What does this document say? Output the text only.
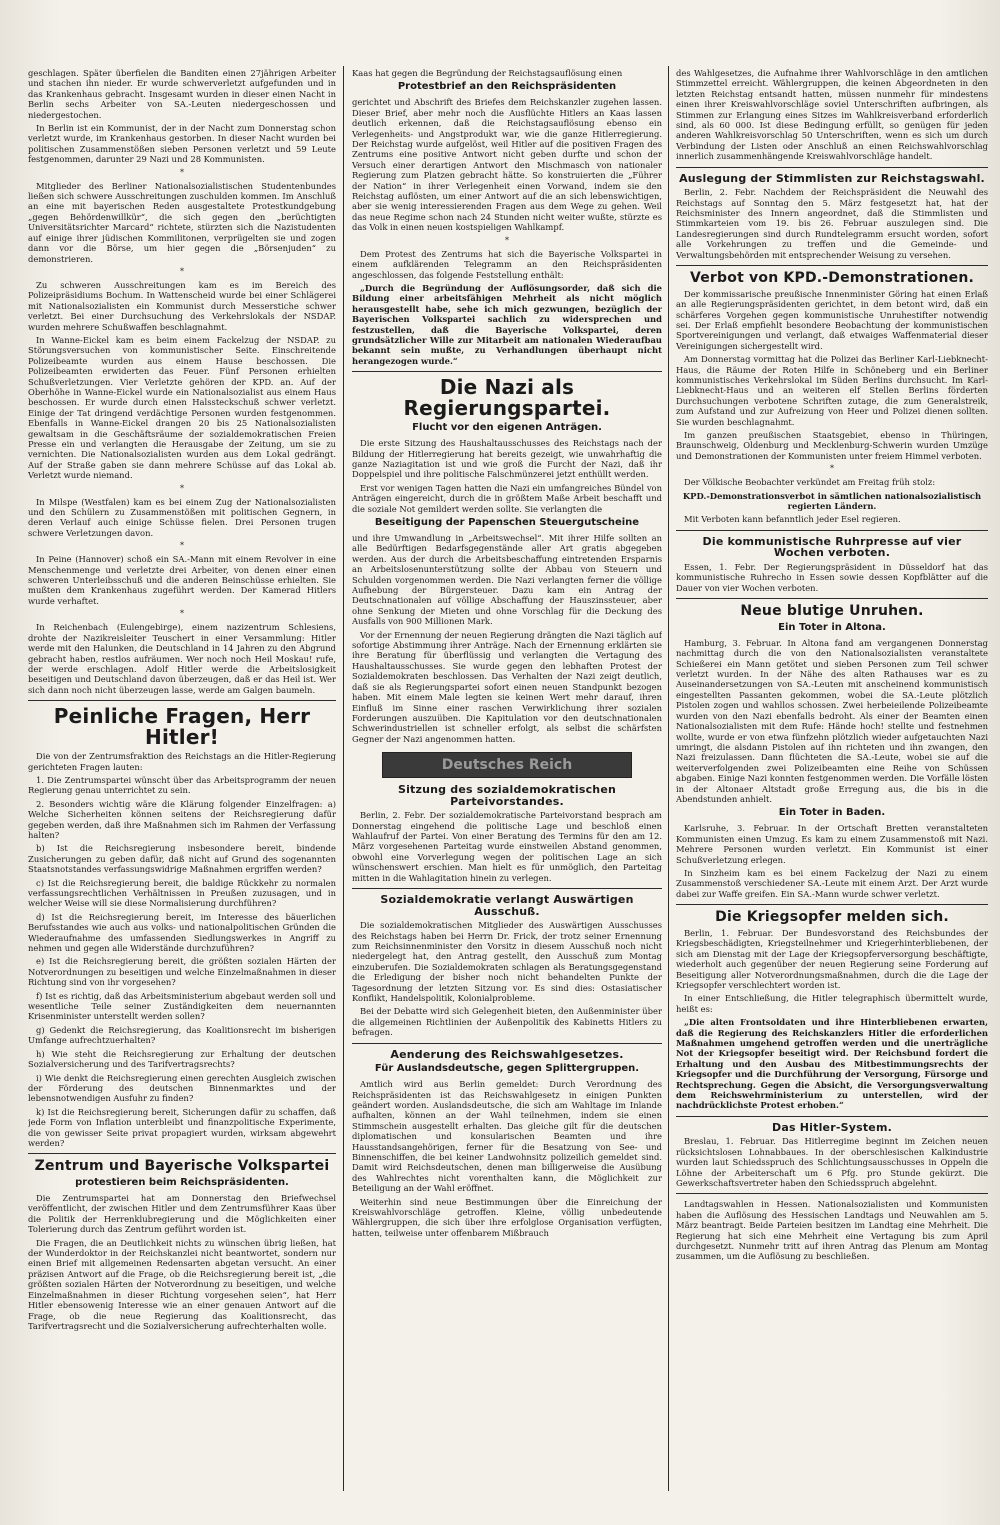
geschlagen. Später überfielen die Banditen einen 27jährigen Arbeiter und stachen ihn nieder. Er wurde schwerverletzt aufgefunden und in das Krankenhaus gebracht. Insgesamt wurden in dieser einen Nacht in Berlin sechs Arbeiter von SA.-Leuten niedergeschossen und niedergestochen.

In Berlin ist ein Kommunist, der in der Nacht zum Donnerstag schon verletzt wurde, im Krankenhaus gestorben. In dieser Nacht wurden bei politischen Zusammenstößen sieben Personen verletzt und 59 Leute festgenommen, darunter 29 Nazi und 28 Kommunisten.

*

Mitglieder des Berliner Nationalsozialistischen Studentenbundes ließen sich schwere Ausschreitungen zuschulden kommen. Im Anschluß an eine mit bayerischen Reden ausgestaltete Protestkundgebung „gegen Behördenwillkür“, die sich gegen den „berüchtigten Universitätsrichter Marcard“ richtete, stürzten sich die Nazistudenten auf einige ihrer jüdischen Kommilitonen, verprügelten sie und zogen dann vor die Börse, um hier gegen die „Börsenjuden“ zu demonstrieren.

*

Zu schweren Ausschreitungen kam es im Bereich des Polizeipräsidiums Bochum. In Wattenscheid wurde bei einer Schlägerei mit Nationalsozialisten ein Kommunist durch Messerstiche schwer verletzt. Bei einer Durchsuchung des Verkehrslokals der NSDAP. wurden mehrere Schußwaffen beschlagnahmt.

In Wanne-Eickel kam es beim einem Fackelzug der NSDAP. zu Störungsversuchen von kommunistischer Seite. Einschreitende Polizeibeamte wurden aus einem Hause beschossen. Die Polizeibeamten erwiderten das Feuer. Fünf Personen erhielten Schußverletzungen. Vier Verletzte gehören der KPD. an. Auf der Oberhöhe in Wanne-Eickel wurde ein Nationalsozialist aus einem Haus beschossen. Er wurde durch einen Halssteckschuß schwer verletzt. Einige der Tat dringend verdächtige Personen wurden festgenommen. Ebenfalls in Wanne-Eickel drangen 20 bis 25 Nationalsozialisten gewaltsam in die Geschäftsräume der sozialdemokratischen Freien Presse ein und verlangten die Herausgabe der Zeitung, um sie zu vernichten. Die Nationalsozialisten wurden aus dem Lokal gedrängt. Auf der Straße gaben sie dann mehrere Schüsse auf das Lokal ab. Verletzt wurde niemand.

*

In Milspe (Westfalen) kam es bei einem Zug der Nationalsozialisten und den Schülern zu Zusammenstößen mit politischen Gegnern, in deren Verlauf auch einige Schüsse fielen. Drei Personen trugen schwere Verletzungen davon.

*

In Peine (Hannover) schoß ein SA.-Mann mit einem Revolver in eine Menschenmenge und verletzte drei Arbeiter, von denen einer einen schweren Unterleibsschuß und die anderen Beinschüsse erhielten. Sie mußten dem Krankenhaus zugeführt werden. Der Kamerad Hitlers wurde verhaftet.

*

In Reichenbach (Eulengebirge), einem nazizentrum Schlesiens, drohte der Nazikreisleiter Teuschert in einer Versammlung: Hitler werde mit den Halunken, die Deutschland in 14 Jahren zu den Abgrund gebracht haben, restlos aufräumen. Wer noch noch Heil Moskau! rufe, der werde erschlagen. Adolf Hitler werde die Arbeitslosigkeit beseitigen und Deutschland davon überzeugen, daß er das Heil ist. Wer sich dann noch nicht überzeugen lasse, werde am Galgen baumeln.

Peinliche Fragen, Herr Hitler!

Die von der Zentrumsfraktion des Reichstags an die Hitler-Regierung gerichteten Fragen lauten:

1. Die Zentrumspartei wünscht über das Arbeitsprogramm der neuen Regierung genau unterrichtet zu sein.

2. Besonders wichtig wäre die Klärung folgender Einzelfragen: a) Welche Sicherheiten können seitens der Reichsregierung dafür gegeben werden, daß ihre Maßnahmen sich im Rahmen der Verfassung halten?

b) Ist die Reichsregierung insbesondere bereit, bindende Zusicherungen zu geben dafür, daß nicht auf Grund des sogenannten Staatsnotstandes verfassungswidrige Maßnahmen ergriffen werden?

c) Ist die Reichsregierung bereit, die baldige Rückkehr zu normalen verfassungsrechtlichen Verhältnissen in Preußen zuzusagen, und in welcher Weise will sie diese Normalisierung durchführen?

d) Ist die Reichsregierung bereit, im Interesse des bäuerlichen Berufsstandes wie auch aus volks- und nationalpolitischen Gründen die Wiederaufnahme des umfassenden Siedlungswerkes in Angriff zu nehmen und gegen alle Widerstände durchzuführen?

e) Ist die Reichsregierung bereit, die größten sozialen Härten der Notverordnungen zu beseitigen und welche Einzelmaßnahmen in dieser Richtung sind von ihr vorgesehen?

f) Ist es richtig, daß das Arbeitsministerium abgebaut werden soll und wesentliche Teile seiner Zuständigkeiten dem neuernannten Krisenminister unterstellt werden sollen?

g) Gedenkt die Reichsregierung, das Koalitionsrecht im bisherigen Umfange aufrechtzuerhalten?

h) Wie steht die Reichsregierung zur Erhaltung der deutschen Sozialversicherung und des Tarifvertragsrechts?

i) Wie denkt die Reichsregierung einen gerechten Ausgleich zwischen der Förderung des deutschen Binnenmarktes und der lebensnotwendigen Ausfuhr zu finden?

k) Ist die Reichsregierung bereit, Sicherungen dafür zu schaffen, daß jede Form von Inflation unterbleibt und finanzpolitische Experimente, die von gewisser Seite privat propagiert wurden, wirksam abgewehrt werden?

Zentrum und Bayerische Volkspartei
protestieren beim Reichspräsidenten.

Die Zentrumspartei hat am Donnerstag den Briefwechsel veröffentlicht, der zwischen Hitler und dem Zentrumsführer Kaas über die Politik der Herrenklubregierung und die Möglichkeiten einer Tolerierung durch das Zentrum geführt worden ist.

Die Fragen, die an Deutlichkeit nichts zu wünschen übrig ließen, hat der Wunderdoktor in der Reichskanzlei nicht beantwortet, sondern nur einen Brief mit allgemeinen Redensarten abgetan versucht. An einer präzisen Antwort auf die Frage, ob die Reichsregierung bereit ist, „die größten sozialen Härten der Notverordnung zu beseitigen, und welche Einzelmaßnahmen in dieser Richtung vorgesehen seien“, hat Herr Hitler ebensowenig Interesse wie an einer genauen Antwort auf die Frage, ob die neue Regierung das Koalitionsrecht, das Tarifvertragsrecht und die Sozialversicherung aufrechterhalten wolle.

Kaas hat gegen die Begründung der Reichstagsauflösung einen

Protestbrief an den Reichspräsidenten

gerichtet und Abschrift des Briefes dem Reichskanzler zugehen lassen. Dieser Brief, aber mehr noch die Ausflüchte Hitlers an Kaas lassen deutlich erkennen, daß die Reichstagsauflösung ebenso ein Verlegenheits- und Angstprodukt war, wie die ganze Hitlerregierung. Der Reichstag wurde aufgelöst, weil Hitler auf die positiven Fragen des Zentrums eine positive Antwort nicht geben durfte und schon der Versuch einer derartigen Antwort den Mischmasch von nationaler Regierung zum Platzen gebracht hätte. So konstruierten die „Führer der Nation“ in ihrer Verlegenheit einen Vorwand, indem sie den Reichstag auflösten, um einer Antwort auf die an sich lebenswichtigen, aber sie wenig interessierenden Fragen aus dem Wege zu gehen. Weil das neue Regime schon nach 24 Stunden nicht weiter wußte, stürzte es das Volk in einen neuen kostspieligen Wahlkampf.

*

Dem Protest des Zentrums hat sich die Bayerische Volkspartei in einem aufklärenden Telegramm an den Reichspräsidenten angeschlossen, das folgende Feststellung enthält:

„Durch die Begründung der Auflösungsorder, daß sich die Bildung einer arbeitsfähigen Mehrheit als nicht möglich herausgestellt habe, sehe ich mich gezwungen, bezüglich der Bayerischen Volkspartei sachlich zu widersprechen und festzustellen, daß die Bayerische Volkspartei, deren grundsätzlicher Wille zur Mitarbeit am nationalen Wiederaufbau bekannt sein mußte, zu Verhandlungen überhaupt nicht herangezogen wurde.“

Die Nazi als Regierungspartei.
Flucht vor den eigenen Anträgen.

Die erste Sitzung des Haushaltausschusses des Reichstags nach der Bildung der Hitlerregierung hat bereits gezeigt, wie unwahrhaftig die ganze Naziagitation ist und wie groß die Furcht der Nazi, daß ihr Doppelspiel und ihre politische Falschmünzerei jetzt enthüllt werden.

Erst vor wenigen Tagen hatten die Nazi ein umfangreiches Bündel von Anträgen eingereicht, durch die in größtem Maße Arbeit beschafft und die soziale Not gemildert werden sollte. Sie verlangten die

Beseitigung der Papenschen Steuergutscheine

und ihre Umwandlung in „Arbeitswechsel“. Mit ihrer Hilfe sollten an alle Bedürftigen Bedarfsgegenstände aller Art gratis abgegeben werden. Aus der durch die Arbeitsbeschaffung eintretenden Ersparnis an Arbeitslosenunterstützung sollte der Abbau von Steuern und Schulden vorgenommen werden. Die Nazi verlangten ferner die völlige Aufhebung der Bürgersteuer. Dazu kam ein Antrag der Deutschnationalen auf völlige Abschaffung der Hauszinssteuer, aber ohne Senkung der Mieten und ohne Vorschlag für die Deckung des Ausfalls von 900 Millionen Mark.

Vor der Ernennung der neuen Regierung drängten die Nazi täglich auf sofortige Abstimmung ihrer Anträge. Nach der Ernennung erklärten sie ihre Beratung für überflüssig und verlangten die Vertagung des Haushaltausschusses. Sie wurde gegen den lebhaften Protest der Sozialdemokraten beschlossen. Das Verhalten der Nazi zeigt deutlich, daß sie als Regierungspartei sofort einen neuen Standpunkt bezogen haben. Mit einem Male legten sie keinen Wert mehr darauf, ihren Einfluß im Sinne einer raschen Verwirklichung ihrer sozialen Forderungen auszuüben. Die Kapitulation vor den deutschnationalen Schwerindustriellen ist schneller erfolgt, als selbst die schärfsten Gegner der Nazi angenommen hatten.

Deutsches Reich
Sitzung des sozialdemokratischen Parteivorstandes.

Berlin, 2. Febr. Der sozialdemokratische Parteivorstand besprach am Donnerstag eingehend die politische Lage und beschloß einen Wahlaufruf der Partei. Von einer Beratung des Termins für den am 12. März vorgesehenen Parteitag wurde einstweilen Abstand genommen, obwohl eine Vorverlegung wegen der politischen Lage an sich wünschenswert erschien. Man hielt es für unmöglich, den Parteitag mitten in die Wahlagitation hinein zu verlegen.

Sozialdemokratie verlangt Auswärtigen Ausschuß.

Die sozialdemokratischen Mitglieder des Auswärtigen Ausschusses des Reichstags haben bei Herrn Dr. Frick, der trotz seiner Ernennung zum Reichsinnenminister den Vorsitz in diesem Ausschuß noch nicht niedergelegt hat, den Antrag gestellt, den Ausschuß zum Montag einzuberufen. Die Sozialdemokraten schlagen als Beratungsgegenstand die Erledigung der bisher noch nicht behandelten Punkte der Tagesordnung der letzten Sitzung vor. Es sind dies: Ostasiatischer Konflikt, Handelspolitik, Kolonialprobleme.

Bei der Debatte wird sich Gelegenheit bieten, den Außenminister über die allgemeinen Richtlinien der Außenpolitik des Kabinetts Hitlers zu befragen.

Aenderung des Reichswahlgesetzes.
Für Auslandsdeutsche, gegen Splittergruppen.

Amtlich wird aus Berlin gemeldet: Durch Verordnung des Reichspräsidenten ist das Reichswahlgesetz in einigen Punkten geändert worden. Auslandsdeutsche, die sich am Wahltage im Inlande aufhalten, können an der Wahl teilnehmen, indem sie einen Stimmschein ausgestellt erhalten. Das gleiche gilt für die deutschen diplomatischen und konsularischen Beamten und ihre Hausstandsangehörigen, ferner für die Besatzung von See- und Binnenschiffen, die bei keiner Landwohnsitz polizeilich gemeldet sind. Damit wird Reichsdeutschen, denen man billigerweise die Ausübung des Wahlrechtes nicht vorenthalten kann, die Möglichkeit zur Beteiligung an der Wahl eröffnet.

Weiterhin sind neue Bestimmungen über die Einreichung der Kreiswahlvorschläge getroffen. Kleine, völlig unbedeutende Wählergruppen, die sich über ihre erfolglose Organisation verfügten, hatten, teilweise unter offenbarem Mißbrauch

des Wahlgesetzes, die Aufnahme ihrer Wahlvorschläge in den amtlichen Stimmzettel erreicht. Wählergruppen, die keinen Abgeordneten in den letzten Reichstag entsandt hatten, müssen nunmehr für mindestens einen ihrer Kreiswahlvorschläge soviel Unterschriften aufbringen, als Stimmen zur Erlangung eines Sitzes im Wahlkreisverband erforderlich sind, als 60 000. Ist diese Bedingung erfüllt, so genügen für jeden anderen Wahlkreisvorschlag 50 Unterschriften, wenn es sich um durch Verbindung der Listen oder Anschluß an einen Reichswahlvorschlag innerlich zusammenhängende Kreiswahlvorschläge handelt.

Auslegung der Stimmlisten zur Reichstagswahl.

Berlin, 2. Febr. Nachdem der Reichspräsident die Neuwahl des Reichstags auf Sonntag den 5. März festgesetzt hat, hat der Reichsminister des Innern angeordnet, daß die Stimmlisten und Stimmkarteien vom 19. bis 26. Februar auszulegen sind. Die Landesregierungen sind durch Rundtelegramm ersucht worden, sofort alle Vorkehrungen zu treffen und die Gemeinde- und Verwaltungsbehörden mit entsprechender Weisung zu versehen.

Verbot von KPD.-Demonstrationen.

Der kommissarische preußische Innenminister Göring hat einen Erlaß an alle Regierungspräsidenten gerichtet, in dem betont wird, daß ein schärferes Vorgehen gegen kommunistische Unruhestifter notwendig sei. Der Erlaß empfiehlt besondere Beobachtung der kommunistischen Sportvereinigungen und verlangt, daß etwaiges Waffenmaterial dieser Vereinigungen sichergestellt wird.

Am Donnerstag vormittag hat die Polizei das Berliner Karl-Liebknecht-Haus, die Räume der Roten Hilfe in Schöneberg und ein Berliner kommunistisches Verkehrslokal im Süden Berlins durchsucht. Im Karl-Liebknecht-Haus und an weiteren elf Stellen Berlins förderten Durchsuchungen verbotene Schriften zutage, die zum Generalstreik, zum Aufstand und zur Aufreizung von Heer und Polizei dienen sollten. Sie wurden beschlagnahmt.

Im ganzen preußischen Staatsgebiet, ebenso in Thüringen, Braunschweig, Oldenburg und Mecklenburg-Schwerin wurden Umzüge und Demonstrationen der Kommunisten unter freiem Himmel verboten.

*

Der Völkische Beobachter verkündet am Freitag früh stolz:

KPD.-Demonstrationsverbot in sämtlichen nationalsozialistisch regierten Ländern.

Mit Verboten kann befanntlich jeder Esel regieren.

Die kommunistische Ruhrpresse auf vier Wochen verboten.

Essen, 1. Febr. Der Regierungspräsident in Düsseldorf hat das kommunistische Ruhrecho in Essen sowie dessen Kopfblätter auf die Dauer von vier Wochen verboten.

Neue blutige Unruhen.
Ein Toter in Altona.

Hamburg, 3. Februar. In Altona fand am vergangenen Donnerstag nachmittag durch die von den Nationalsozialisten veranstaltete Schießerei ein Mann getötet und sieben Personen zum Teil schwer verletzt wurden. In der Nähe des alten Rathauses war es zu Auseinandersetzungen von SA.-Leuten mit anscheinend kommunistisch eingestellten Passanten gekommen, wobei die SA.-Leute plötzlich Pistolen zogen und wahllos schossen. Zwei herbeieilende Polizeibeamte wurden von den Nazi ebenfalls bedroht. Als einer der Beamten einen Nationalsozialisten mit dem Rufe: Hände hoch! stellte und festnehmen wollte, wurde er von etwa fünfzehn plötzlich wieder aufgetauchten Nazi umringt, die alsdann Pistolen auf ihn richteten und ihn zwangen, den Nazi freizulassen. Dann flüchteten die SA.-Leute, wobei sie auf die weiterverfolgenden zwei Polizeibeamten eine Reihe von Schüssen abgaben. Einige Nazi konnten festgenommen werden. Die Vorfälle lösten in der Altonaer Altstadt große Erregung aus, die bis in die Abendstunden anhielt.

Ein Toter in Baden.

Karlsruhe, 3. Februar. In der Ortschaft Bretten veranstalteten Kommunisten einen Umzug. Es kam zu einem Zusammenstoß mit Nazi. Mehrere Personen wurden verletzt. Ein Kommunist ist einer Schußverletzung erlegen.

In Sinzheim kam es bei einem Fackelzug der Nazi zu einem Zusammenstoß verschiedener SA.-Leute mit einem Arzt. Der Arzt wurde dabei zur Waffe greifen. Ein SA.-Mann wurde schwer verletzt.

Die Kriegsopfer melden sich.

Berlin, 1. Februar. Der Bundesvorstand des Reichsbundes der Kriegsbeschädigten, Kriegsteilnehmer und Kriegerhinterbliebenen, der sich am Dienstag mit der Lage der Kriegsopferversorgung beschäftigte, wiederholt auch gegenüber der neuen Regierung seine Forderung auf Beseitigung aller Notverordnungsmaßnahmen, durch die die Lage der Kriegsopfer verschlechtert worden ist.

In einer Entschließung, die Hitler telegraphisch übermittelt wurde, heißt es:

„Die alten Frontsoldaten und ihre Hinterbliebenen erwarten, daß die Regierung des Reichskanzlers Hitler die erforderlichen Maßnahmen umgehend getroffen werden und die unerträgliche Not der Kriegsopfer beseitigt wird. Der Reichsbund fordert die Erhaltung und den Ausbau des Mitbestimmungsrechts der Kriegsopfer und die Durchführung der Versorgung, Fürsorge und Rechtsprechung. Gegen die Absicht, die Versorgungsverwaltung dem Reichswehrministerium zu unterstellen, wird der nachdrücklichste Protest erhoben.“

Das Hitler-System.

Breslau, 1. Februar. Das Hitlerregime beginnt im Zeichen neuen rücksichtslosen Lohnabbaues. In der oberschlesischen Kalkindustrie wurden laut Schiedsspruch des Schlichtungsausschusses in Oppeln die Löhne der Arbeiterschaft um 6 Pfg. pro Stunde gekürzt. Die Gewerkschaftsvertreter haben den Schiedsspruch abgelehnt.

Landtagswahlen in Hessen. Nationalsozialisten und Kommunisten haben die Auflösung des Hessischen Landtags und Neuwahlen am 5. März beantragt. Beide Parteien besitzen im Landtag eine Mehrheit. Die Regierung hat sich eine Mehrheit eine Vertagung bis zum April durchgesetzt. Nunmehr tritt auf ihren Antrag das Plenum am Montag zusammen, um die Auflösung zu beschließen.
